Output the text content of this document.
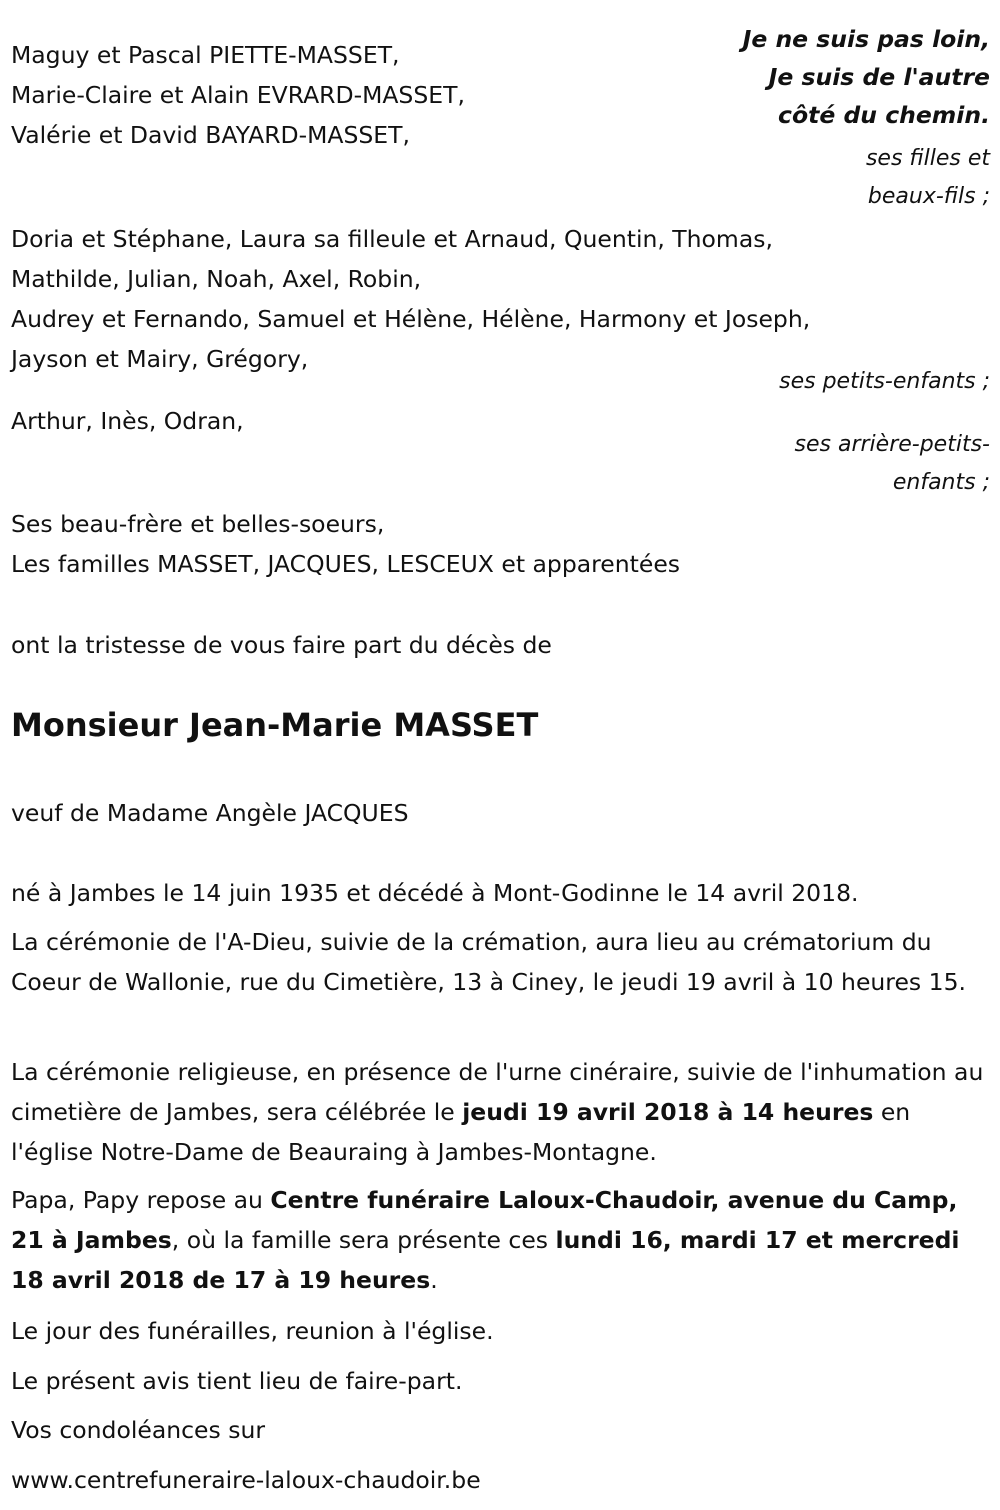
Je ne suis pas loin,
Je suis de l'autre
côté du chemin.
Maguy et Pascal PIETTE-MASSET,
Marie-Claire et Alain EVRARD-MASSET,
Valérie et David BAYARD-MASSET,
ses filles et
beaux-fils ;
Doria et Stéphane, Laura sa filleule et Arnaud, Quentin, Thomas,
Mathilde, Julian, Noah, Axel, Robin,
Audrey et Fernando, Samuel et Hélène, Hélène, Harmony et Joseph,
Jayson et Mairy, Grégory,
ses petits-enfants ;
Arthur, Inès, Odran,
ses arrière-petits-
enfants ;
Ses beau-frère et belles-soeurs,
Les familles MASSET, JACQUES, LESCEUX et apparentées
ont la tristesse de vous faire part du décès de
Monsieur Jean-Marie MASSET
veuf de Madame Angèle JACQUES
né à Jambes le 14 juin 1935 et décédé à Mont-Godinne le 14 avril 2018.

La cérémonie de l'A-Dieu, suivie de la crémation, aura lieu au crématorium du Coeur de Wallonie, rue du Cimetière, 13 à Ciney, le jeudi 19 avril à 10 heures 15.

La cérémonie religieuse, en présence de l'urne cinéraire, suivie de l'inhumation au cimetière de Jambes, sera célébrée le jeudi 19 avril 2018 à 14 heures en l'église Notre-Dame de Beauraing à Jambes-Montagne.

Papa, Papy repose au Centre funéraire Laloux-Chaudoir, avenue du Camp, 21 à Jambes, où la famille sera présente ces lundi 16, mardi 17 et mercredi 18 avril 2018 de 17 à 19 heures.

Le jour des funérailles, reunion à l'église.
Le présent avis tient lieu de faire-part.
Vos condoléances sur
www.centrefuneraire-laloux-chaudoir.be
